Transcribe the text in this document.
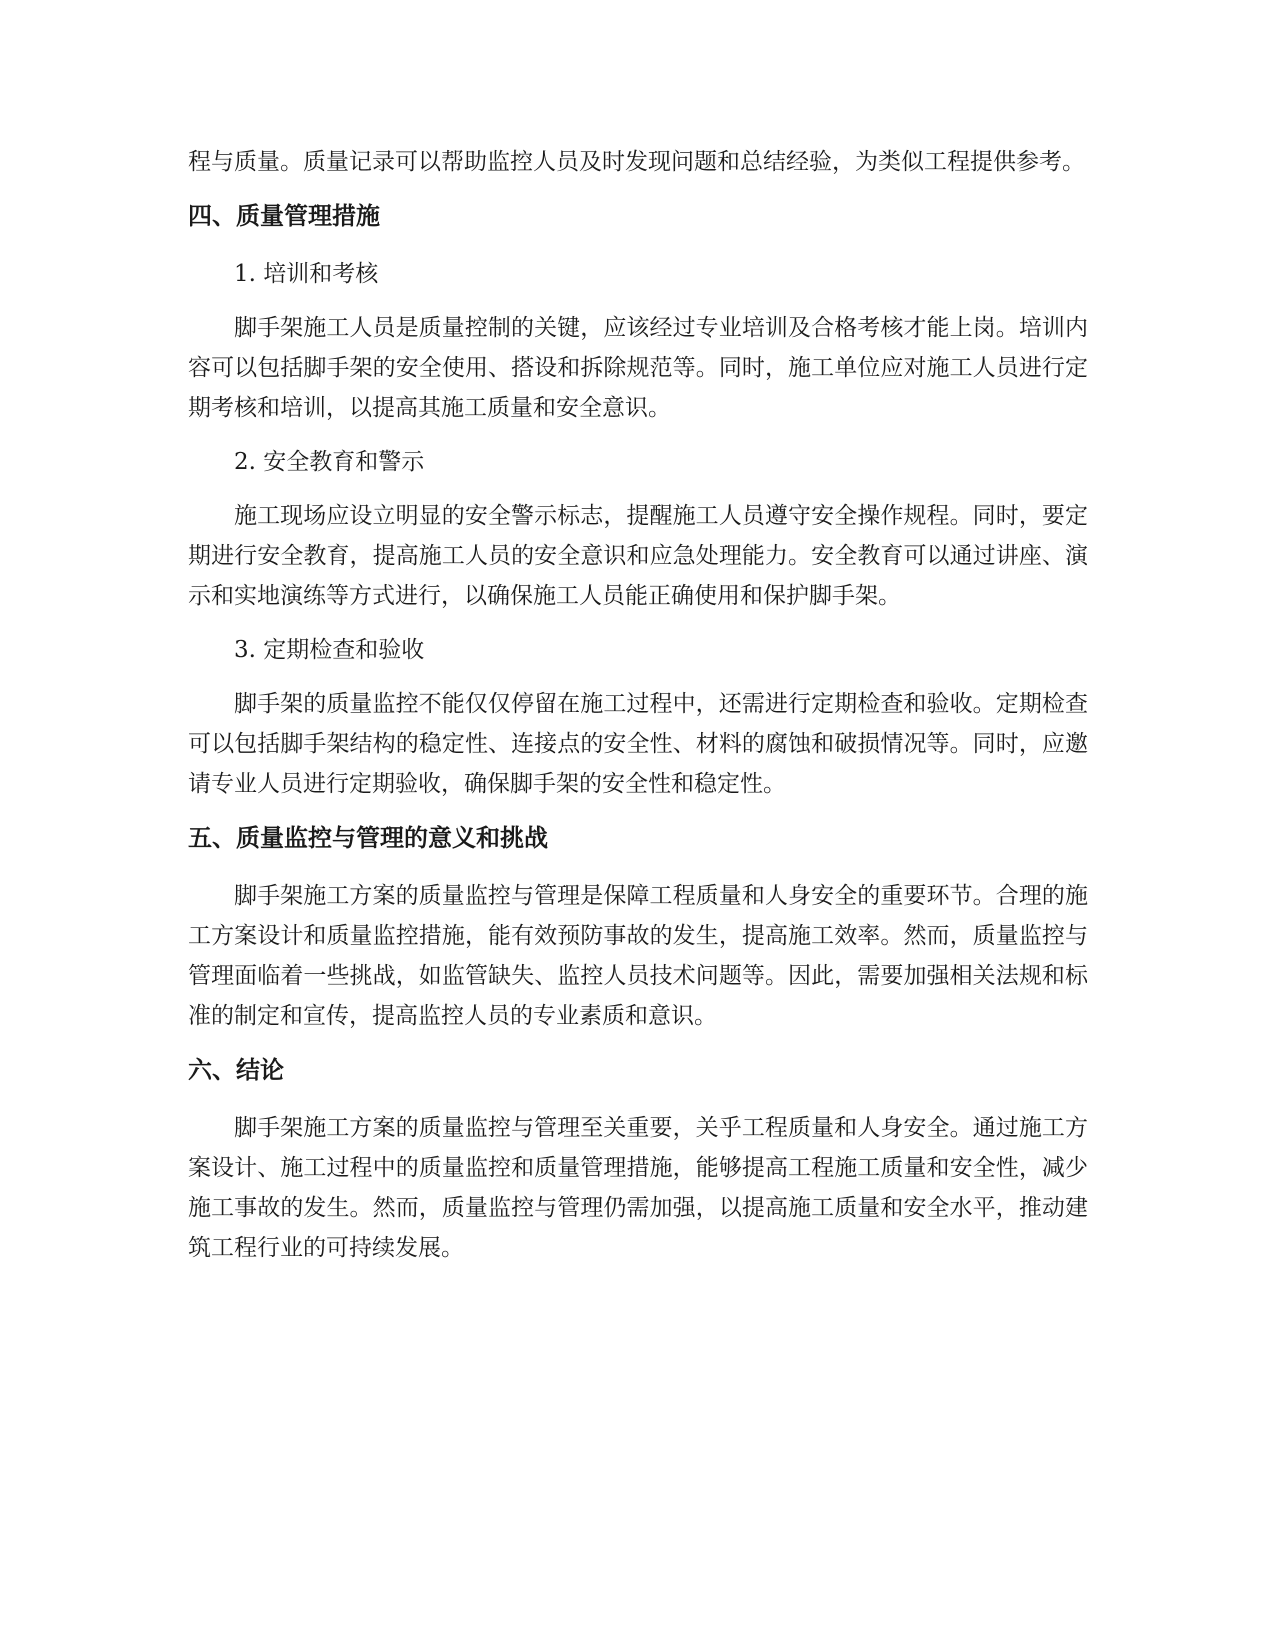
程与质量。质量记录可以帮助监控人员及时发现问题和总结经验，为类似工程提供参考。

四、质量管理措施

1. 培训和考核

脚手架施工人员是质量控制的关键，应该经过专业培训及合格考核才能上岗。培训内容可以包括脚手架的安全使用、搭设和拆除规范等。同时，施工单位应对施工人员进行定期考核和培训，以提高其施工质量和安全意识。

2. 安全教育和警示

施工现场应设立明显的安全警示标志，提醒施工人员遵守安全操作规程。同时，要定期进行安全教育，提高施工人员的安全意识和应急处理能力。安全教育可以通过讲座、演示和实地演练等方式进行，以确保施工人员能正确使用和保护脚手架。

3. 定期检查和验收

脚手架的质量监控不能仅仅停留在施工过程中，还需进行定期检查和验收。定期检查可以包括脚手架结构的稳定性、连接点的安全性、材料的腐蚀和破损情况等。同时，应邀请专业人员进行定期验收，确保脚手架的安全性和稳定性。

五、质量监控与管理的意义和挑战

脚手架施工方案的质量监控与管理是保障工程质量和人身安全的重要环节。合理的施工方案设计和质量监控措施，能有效预防事故的发生，提高施工效率。然而，质量监控与管理面临着一些挑战，如监管缺失、监控人员技术问题等。因此，需要加强相关法规和标准的制定和宣传，提高监控人员的专业素质和意识。

六、结论

脚手架施工方案的质量监控与管理至关重要，关乎工程质量和人身安全。通过施工方案设计、施工过程中的质量监控和质量管理措施，能够提高工程施工质量和安全性，减少施工事故的发生。然而，质量监控与管理仍需加强，以提高施工质量和安全水平，推动建筑工程行业的可持续发展。
